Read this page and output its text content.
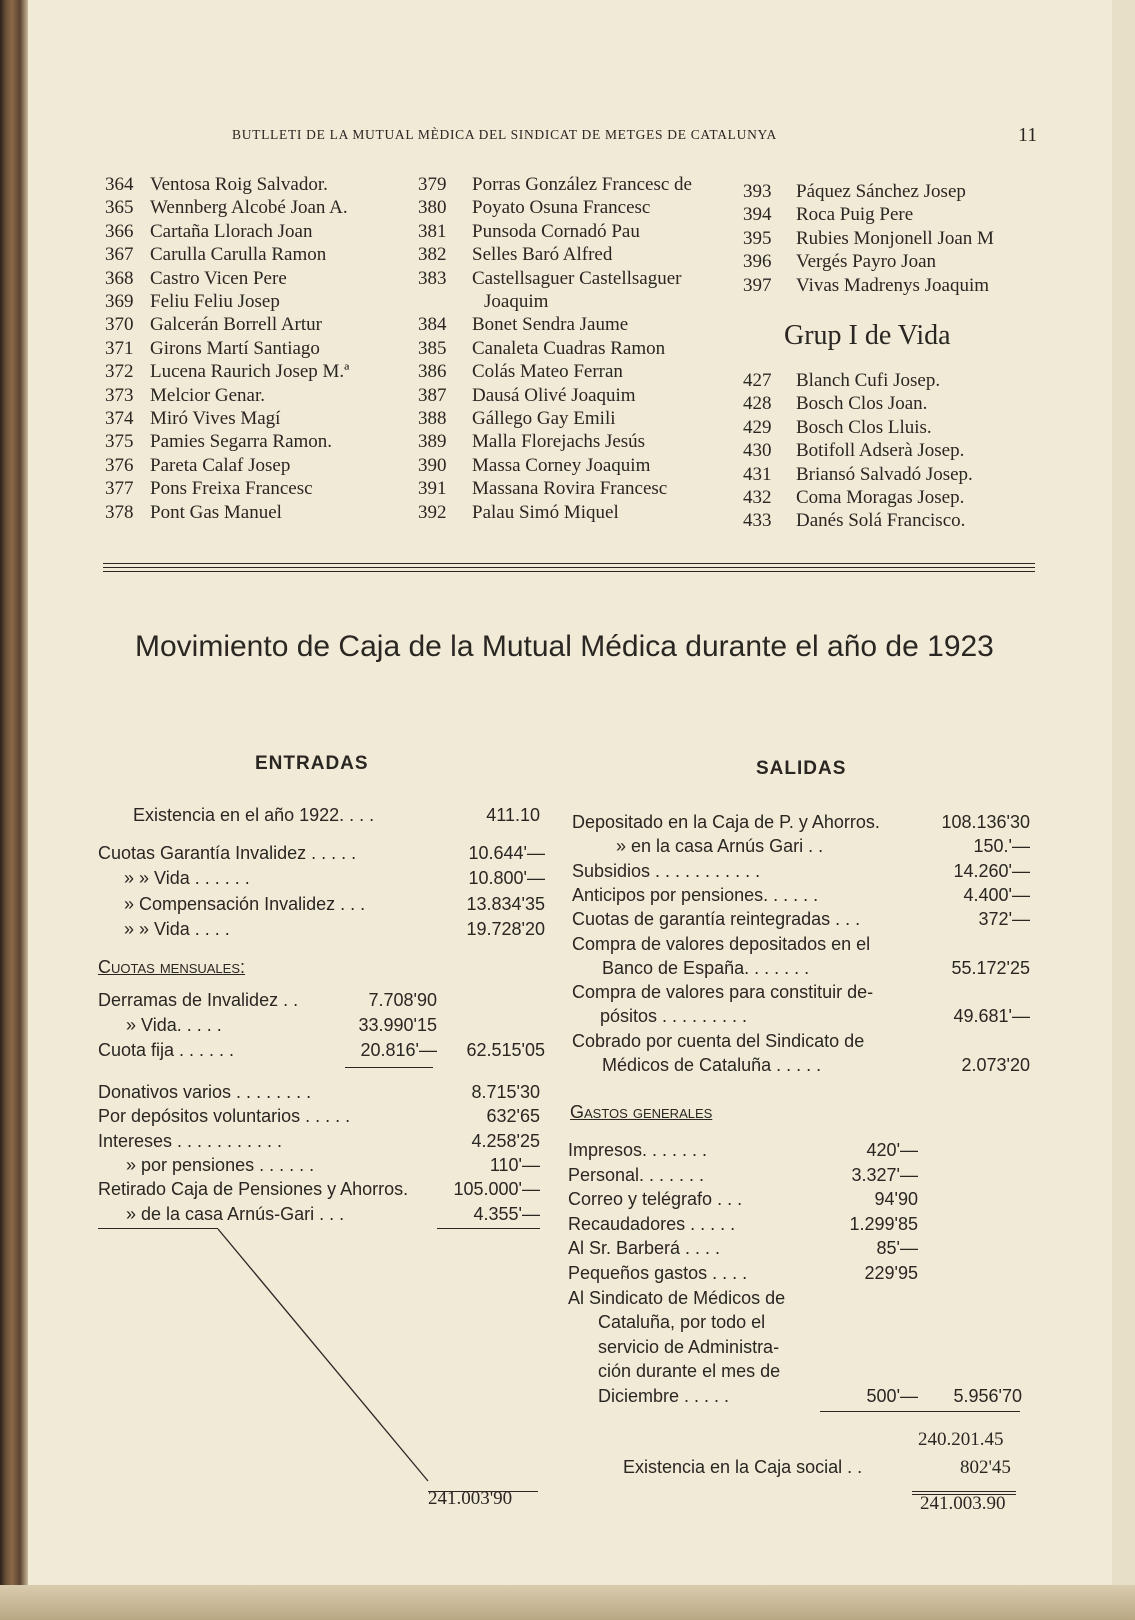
BUTLLETI DE LA MUTUAL MÈDICA DEL SINDICAT DE METGES DE CATALUNYA	11
364 Ventosa Roig Salvador.
365 Wennberg Alcobé Joan A.
366 Cartaña Llorach Joan
367 Carulla Carulla Ramon
368 Castro Vicen Pere
369 Feliu Feliu Josep
370 Galcerán Borrell Artur
371 Girons Martí Santiago
372 Lucena Raurich Josep M.ª
373 Melcior Genar.
374 Miró Vives Magí
375 Pamies Segarra Ramon.
376 Pareta Calaf Josep
377 Pons Freixa Francesc
378 Pont Gas Manuel
379 Porras González Francesc de
380 Poyato Osuna Francesc
381 Punsoda Cornadó Pau
382 Selles Baró Alfred
383 Castellsaguer Castellsaguer
Joaquim
384 Bonet Sendra Jaume
385 Canaleta Cuadras Ramon
386 Colás Mateo Ferran
387 Dausá Olivé Joaquim
388 Gállego Gay Emili
389 Malla Florejachs Jesús
390 Massa Corney Joaquim
391 Massana Rovira Francesc
392 Palau Simó Miquel
393 Páquez Sánchez Josep
394 Roca Puig Pere
395 Rubies Monjonell Joan M
396 Vergés Payro Joan
397 Vivas Madrenys Joaquim
427 Blanch Cufi Josep.
428 Bosch Clos Joan.
429 Bosch Clos Lluis.
430 Botifoll Adserà Josep.
431 Briansó Salvadó Josep.
432 Coma Moragas Josep.
433 Danés Solá Francisco.
Grup I de Vida
Movimiento de Caja de la Mutual Médica durante el año de 1923
ENTRADAS	SALIDAS
Existencia en el año 1922. . . .	411.10
Cuotas Garantía Invalidez . . . . .	10.644'—
» » Vida . . . . . .	10.800'—
» Compensación Invalidez . . .	13.834'35
» » Vida . . . .	19.728'20
Derramas de Invalidez . .	7.708'90
» Vida. . . . .	33.990'15
Cuota fija . . . . . .	20.816'—	62.515'05
Donativos varios . . . . . . . .	8.715'30
Por depósitos voluntarios . . . . .	632'65
Intereses . . . . . . . . . . .	4.258'25
» por pensiones . . . . . .	110'—
Retirado Caja de Pensiones y Ahorros.	105.000'—
» de la casa Arnús-Gari . . .	4.355'—
Depositado en la Caja de P. y Ahorros.	108.136'30
» en la casa Arnús Gari . .	150.'—
Subsidios . . . . . . . . . . .	14.260'—
Anticipos por pensiones. . . . . .	4.400'—
Cuotas de garantía reintegradas . . .	372'—
Compra de valores depositados en el
Banco de España. . . . . . .	55.172'25
Compra de valores para constituir de-
pósitos . . . . . . . . .	49.681'—
Cobrado por cuenta del Sindicato de
Médicos de Cataluña . . . . .	2.073'20
Impresos. . . . . . .	420'—
Personal. . . . . . .	3.327'—
Correo y telégrafo . . .	94'90
Recaudadores . . . . .	1.299'85
Al Sr. Barberá . . . .	85'—
Pequeños gastos . . . .	229'95
Al Sindicato de Médicos de
Cataluña, por todo el
servicio de Administra-
ción durante el mes de
Diciembre . . . . .	500'—	5.956'70
Cuotas mensuales:
Gastos generales
241.003'90
240.201.45
Existencia en la Caja social . .	802'45
241.003.90
